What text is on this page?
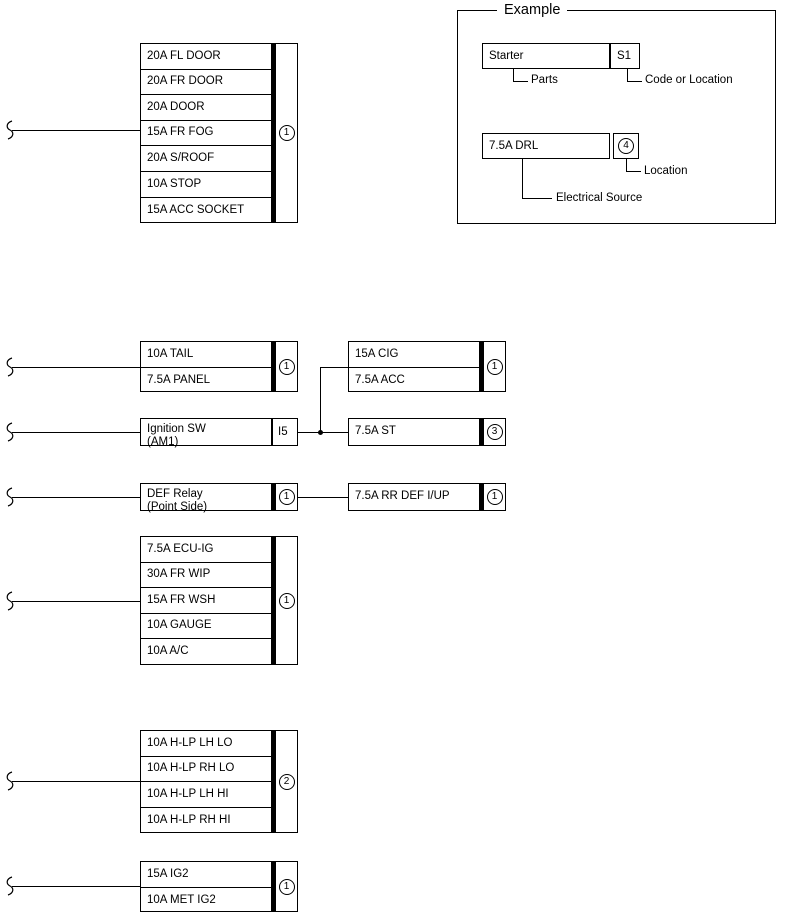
Example
Starter	S1
Parts	Code or Location
7.5A DRL	4
Location
Electrical Source
20A FL DOOR
20A FR DOOR
20A DOOR
15A FR FOG
20A S/ROOF
10A STOP
15A ACC SOCKET
1
10A TAIL
7.5A PANEL
1
15A CIG
7.5A ACC
1
Ignition SW
(AM1)
I5	7.5A ST	3
DEF Relay
(Point Side)
1	7.5A RR DEF I/UP	1
7.5A ECU-IG
30A FR WIP
15A FR WSH
10A GAUGE
10A A/C
1
10A H-LP LH LO
10A H-LP RH LO
10A H-LP LH HI
10A H-LP RH HI
2
15A IG2
10A MET IG2
1
